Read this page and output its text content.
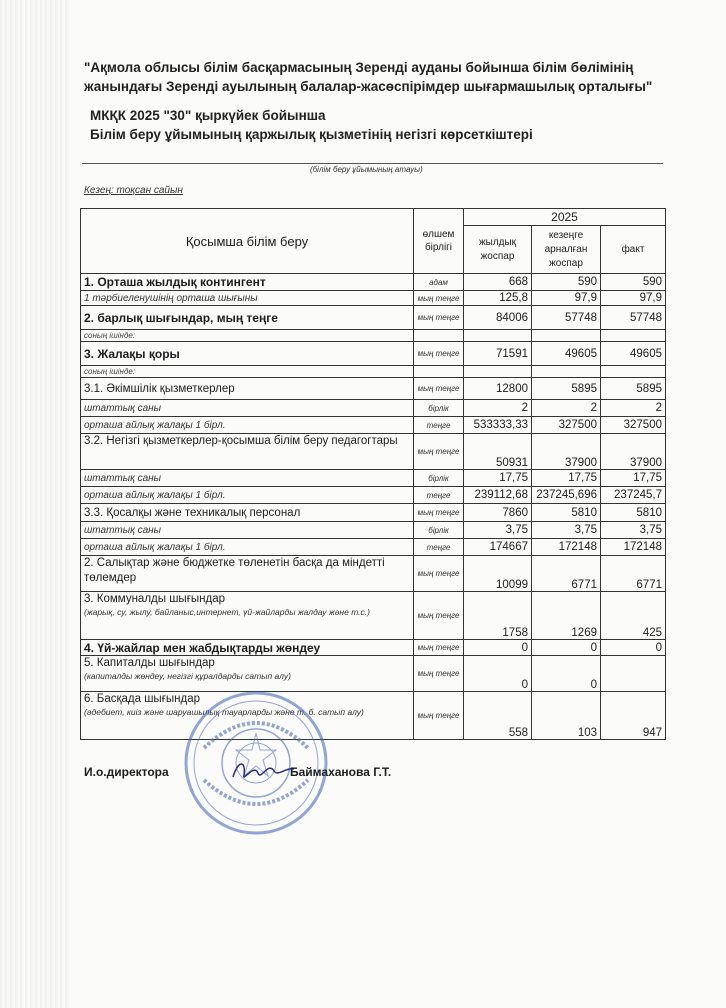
"Ақмола облысы білім басқармасының Зеренді ауданы бойынша білім бөлімінің
жанындағы Зеренді ауылының балалар-жасөспірімдер шығармашылық орталығы"
МКҚК 2025 "30" қыркүйек бойынша
Білім беру ұйымының қаржылық қызметінің негізгі көрсеткіштері
(білім беру ұйымының атауы)
Кезең: тоқсан сайын
Қосымша білім беру	өлшем бірлігі	2025		
		жылдық жоспар	кезеңге арналған жоспар	факт
1. Орташа жылдық контингент	адам	668	590	590
1 тәрбиеленушінің орташа шығыны	мың теңге	125,8	97,9	97,9
2. барлық шығындар, мың теңге	мың теңге	84006	57748	57748
соның ішінде:				
3. Жалақы қоры	мың теңге	71591	49605	49605
соның ішінде:				
3.1. Әкімшілік қызметкерлер	мың теңге	12800	5895	5895
штаттық саны	бірлік	2	2	2
орташа айлық жалақы 1 бірл.	теңге	533333,33	327500	327500
3.2. Негізгі қызметкерлер-қосымша білім беру педагогтары	мың теңге	50931	37900	37900
штаттық саны	бірлік	17,75	17,75	17,75
орташа айлық жалақы 1 бірл.	теңге	239112,68	237245,696	237245,7
3.3. Қосалқы және техникалық персонал	мың теңге	7860	5810	5810
штаттық саны	бірлік	3,75	3,75	3,75
орташа айлық жалақы 1 бірл.	теңге	174667	172148	172148
2. Салықтар және бюджетке төленетін басқа да міндетті төлемдер	мың теңге	10099	6771	6771
3. Коммуналды шығындар
(жарық, су, жылу, байланыс,интернет, үй-жайларды жалдау және т.с.)	мың теңге	1758	1269	425
4. Үй-жайлар мен жабдықтарды жөндеу	мың теңге	0	0	0
5. Капиталды шығындар
(капиталды жөндеу, негізгі құралдарды сатып алу)	мың теңге	0	0	
6. Басқада шығындар
(әдебиет, киіз және шаруашылық тауарларды және т. б. сатып алу)	мың теңге	558	103	947
И.о.директора	Баймаханова Г.Т.
